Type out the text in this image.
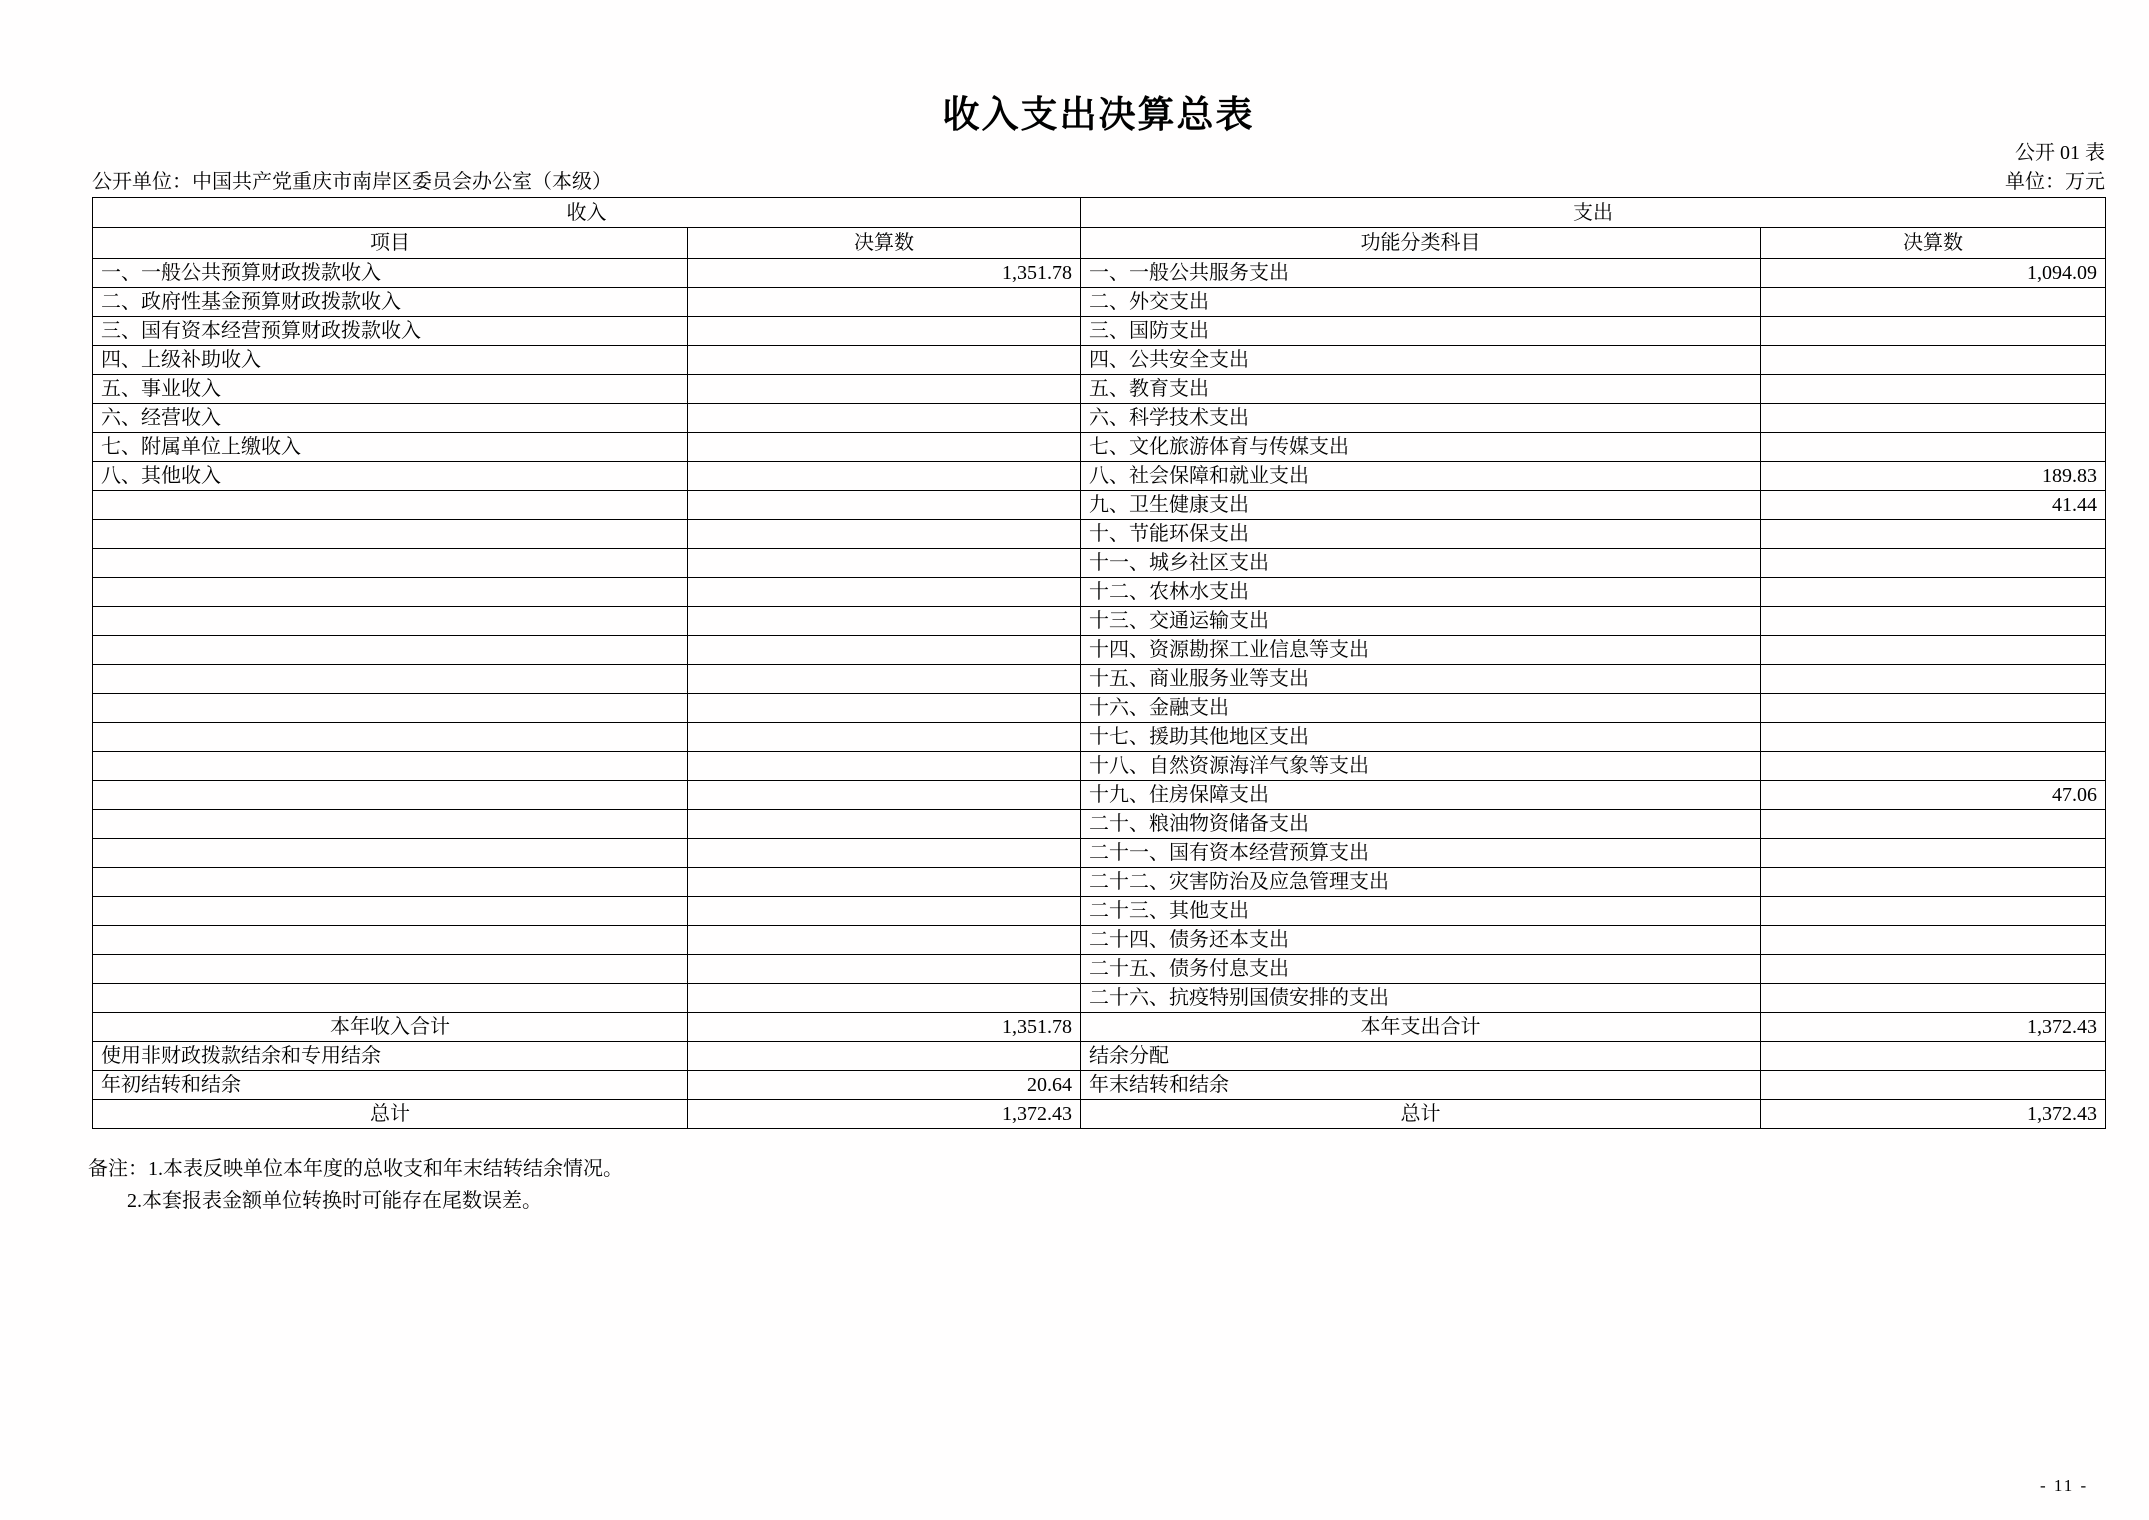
收入支出决算总表
公开 01 表
单位：万元
公开单位：中国共产党重庆市南岸区委员会办公室（本级）
收入		支出	
项目	决算数	功能分类科目	决算数
一、一般公共预算财政拨款收入	1,351.78	一、一般公共服务支出	1,094.09
二、政府性基金预算财政拨款收入		二、外交支出	
三、国有资本经营预算财政拨款收入		三、国防支出	
四、上级补助收入		四、公共安全支出	
五、事业收入		五、教育支出	
六、经营收入		六、科学技术支出	
七、附属单位上缴收入		七、文化旅游体育与传媒支出	
八、其他收入		八、社会保障和就业支出	189.83
		九、卫生健康支出	41.44
		十、节能环保支出	
		十一、城乡社区支出	
		十二、农林水支出	
		十三、交通运输支出	
		十四、资源勘探工业信息等支出	
		十五、商业服务业等支出	
		十六、金融支出	
		十七、援助其他地区支出	
		十八、自然资源海洋气象等支出	
		十九、住房保障支出	47.06
		二十、粮油物资储备支出	
		二十一、国有资本经营预算支出	
		二十二、灾害防治及应急管理支出	
		二十三、其他支出	
		二十四、债务还本支出	
		二十五、债务付息支出	
		二十六、抗疫特别国债安排的支出	
本年收入合计	1,351.78	本年支出合计	1,372.43
使用非财政拨款结余和专用结余		结余分配	
年初结转和结余	20.64	年末结转和结余	
总计	1,372.43	总计	1,372.43
备注：1.本表反映单位本年度的总收支和年末结转结余情况。
2.本套报表金额单位转换时可能存在尾数误差。
- 11 -
